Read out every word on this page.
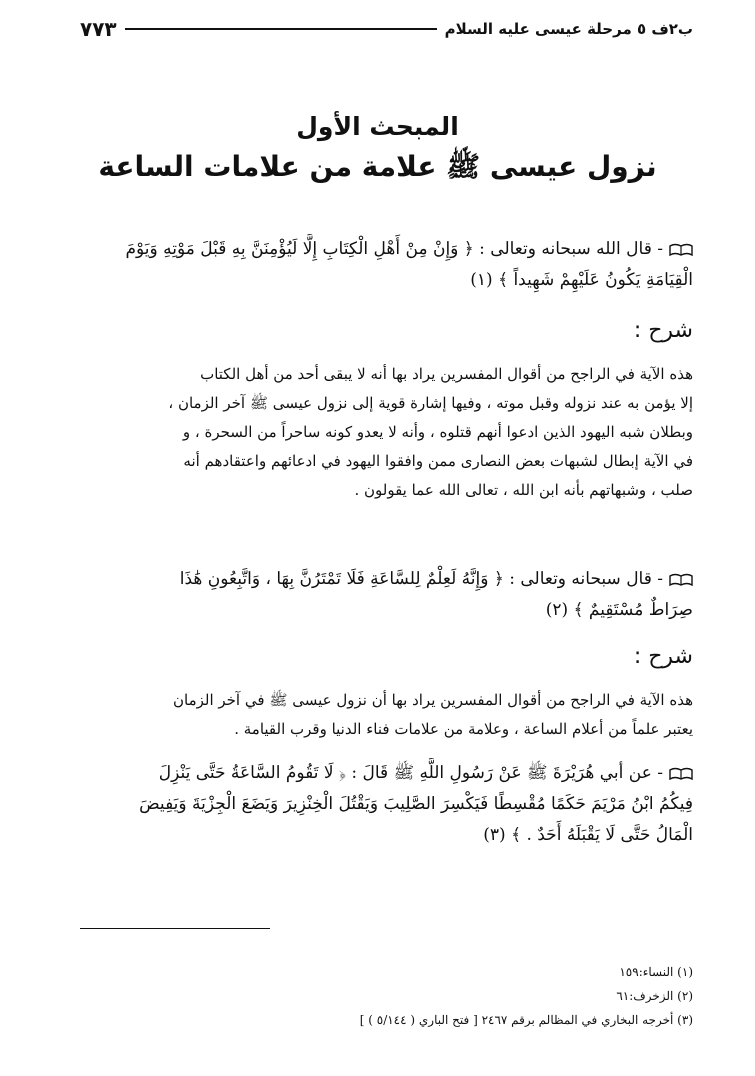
ب٢ف ٥ مرحلة عيسى عليه السلام
٧٧٣
المبحث الأول
نزول عيسى ﷺ علامة من علامات الساعة
- قال الله سبحانه وتعالى : ﴿ وَإِنْ مِنْ أَهْلِ الْكِتَابِ إِلَّا لَيُؤْمِنَنَّ بِهِ قَبْلَ مَوْتِهِ وَيَوْمَ
الْقِيَامَةِ يَكُونُ عَلَيْهِمْ شَهِيداً ﴾ (١)
شرح :
هذه الآية في الراجح من أقوال المفسرين يراد بها أنه لا يبقى أحد من أهل الكتاب
إلا يؤمن به عند نزوله وقبل موته ، وفيها إشارة قوية إلى نزول عيسى ﷺ آخر الزمان ،
وبطلان شبه اليهود الذين ادعوا أنهم قتلوه ، وأنه لا يعدو كونه ساحراً من السحرة ، و
في الآية إبطال لشبهات بعض النصارى ممن وافقوا اليهود في ادعائهم واعتقادهم أنه
صلب ، وشبهاتهم بأنه ابن الله ، تعالى الله عما يقولون .
- قال سبحانه وتعالى : ﴿ وَإِنَّهُ لَعِلْمٌ لِلسَّاعَةِ فَلَا تَمْتَرُنَّ بِهَا ، وَاتَّبِعُونِ هَٰذَا
صِرَاطٌ مُسْتَقِيمٌ ﴾ (٢)
شرح :
هذه الآية في الراجح من أقوال المفسرين يراد بها أن نزول عيسى ﷺ في آخر الزمان
يعتبر علماً من أعلام الساعة ، وعلامة من علامات فناء الدنيا وقرب القيامة .
- عن أبي هُرَيْرَةَ ﷺ عَنْ رَسُولِ اللَّهِ ﷺ قَالَ : ﴿ لَا تَقُومُ السَّاعَةُ حَتَّى يَنْزِلَ
فِيكُمُ ابْنُ مَرْيَمَ حَكَمًا مُقْسِطًا فَيَكْسِرَ الصَّلِيبَ وَيَقْتُلَ الْخِنْزِيرَ وَيَضَعَ الْجِزْيَةَ وَيَفِيضَ
الْمَالُ حَتَّى لَا يَقْبَلَهُ أَحَدٌ . ﴾ (٣)
(١) النساء:١٥٩
(٢) الزخرف:٦١
(٣) أخرجه البخاري في المظالم برقم ٢٤٦٧ [ فتح الباري ( ٥/١٤٤ ) ]
